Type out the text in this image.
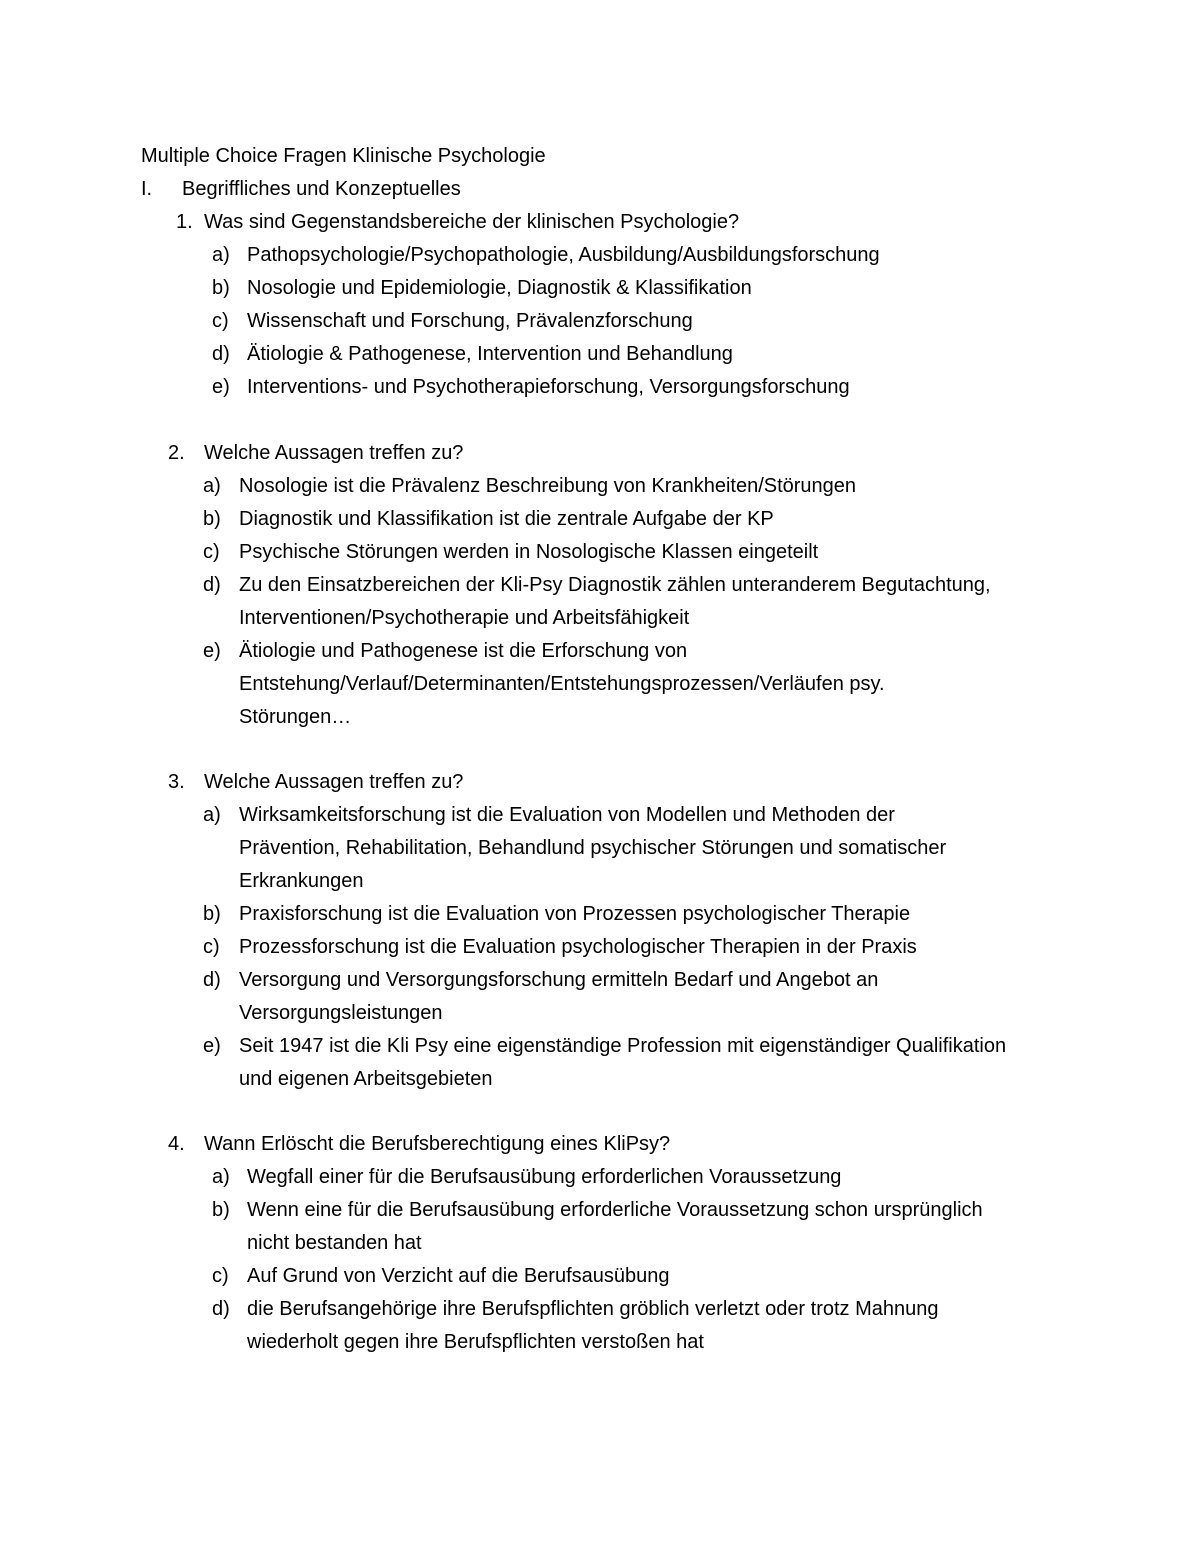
Multiple Choice Fragen Klinische Psychologie
I. Begriffliches und Konzeptuelles
1. Was sind Gegenstandsbereiche der klinischen Psychologie?
a) Pathopsychologie/Psychopathologie, Ausbildung/Ausbildungsforschung
b) Nosologie und Epidemiologie, Diagnostik & Klassifikation
c) Wissenschaft und Forschung, Prävalenzforschung
d) Ätiologie & Pathogenese, Intervention und Behandlung
e) Interventions- und Psychotherapieforschung, Versorgungsforschung
2. Welche Aussagen treffen zu?
a) Nosologie ist die Prävalenz Beschreibung von Krankheiten/Störungen
b) Diagnostik und Klassifikation ist die zentrale Aufgabe der KP
c) Psychische Störungen werden in Nosologische Klassen eingeteilt
d) Zu den Einsatzbereichen der Kli-Psy Diagnostik zählen unteranderem Begutachtung,
Interventionen/Psychotherapie und Arbeitsfähigkeit
e) Ätiologie und Pathogenese ist die Erforschung von
Entstehung/Verlauf/Determinanten/Entstehungsprozessen/Verläufen psy.
Störungen…
3. Welche Aussagen treffen zu?
a) Wirksamkeitsforschung ist die Evaluation von Modellen und Methoden der
Prävention, Rehabilitation, Behandlund psychischer Störungen und somatischer
Erkrankungen
b) Praxisforschung ist die Evaluation von Prozessen psychologischer Therapie
c) Prozessforschung ist die Evaluation psychologischer Therapien in der Praxis
d) Versorgung und Versorgungsforschung ermitteln Bedarf und Angebot an
Versorgungsleistungen
e) Seit 1947 ist die Kli Psy eine eigenständige Profession mit eigenständiger Qualifikation
und eigenen Arbeitsgebieten
4. Wann Erlöscht die Berufsberechtigung eines KliPsy?
a) Wegfall einer für die Berufsausübung erforderlichen Voraussetzung
b) Wenn eine für die Berufsausübung erforderliche Voraussetzung schon ursprünglich
nicht bestanden hat
c) Auf Grund von Verzicht auf die Berufsausübung
d) die Berufsangehörige ihre Berufspflichten gröblich verletzt oder trotz Mahnung
wiederholt gegen ihre Berufspflichten verstoßen hat
